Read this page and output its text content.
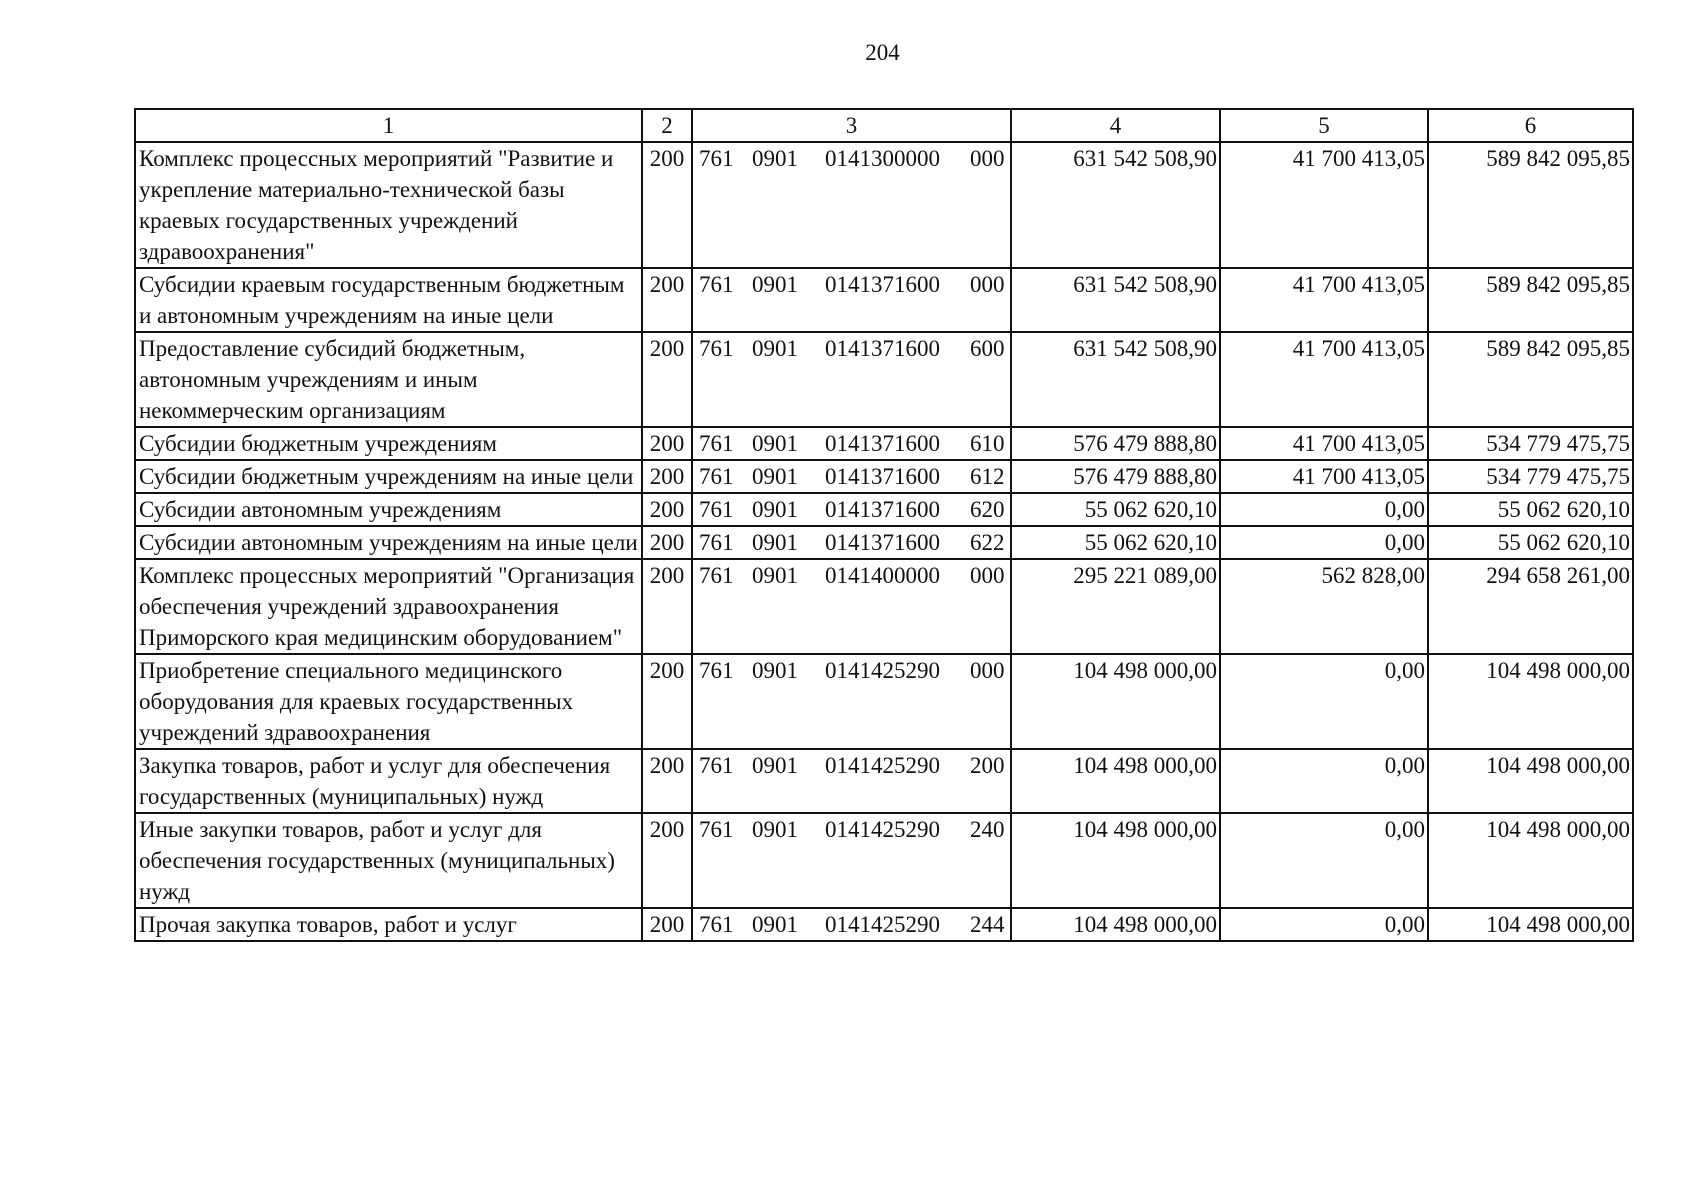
204
1	2	3	4	5	6
Комплекс процессных мероприятий "Развитие и укрепление материально-технической базы краевых государственных учреждений здравоохранения"	200	761 0901 0141300000 000	631 542 508,90	41 700 413,05	589 842 095,85
Субсидии краевым государственным бюджетным и автономным учреждениям на иные цели	200	761 0901 0141371600 000	631 542 508,90	41 700 413,05	589 842 095,85
Предоставление субсидий бюджетным, автономным учреждениям и иным некоммерческим организациям	200	761 0901 0141371600 600	631 542 508,90	41 700 413,05	589 842 095,85
Субсидии бюджетным учреждениям	200	761 0901 0141371600 610	576 479 888,80	41 700 413,05	534 779 475,75
Субсидии бюджетным учреждениям на иные цели	200	761 0901 0141371600 612	576 479 888,80	41 700 413,05	534 779 475,75
Субсидии автономным учреждениям	200	761 0901 0141371600 620	55 062 620,10	0,00	55 062 620,10
Субсидии автономным учреждениям на иные цели	200	761 0901 0141371600 622	55 062 620,10	0,00	55 062 620,10
Комплекс процессных мероприятий "Организация обеспечения учреждений здравоохранения Приморского края медицинским оборудованием"	200	761 0901 0141400000 000	295 221 089,00	562 828,00	294 658 261,00
Приобретение специального медицинского оборудования для краевых государственных учреждений здравоохранения	200	761 0901 0141425290 000	104 498 000,00	0,00	104 498 000,00
Закупка товаров, работ и услуг для обеспечения государственных (муниципальных) нужд	200	761 0901 0141425290 200	104 498 000,00	0,00	104 498 000,00
Иные закупки товаров, работ и услуг для обеспечения государственных (муниципальных) нужд	200	761 0901 0141425290 240	104 498 000,00	0,00	104 498 000,00
Прочая закупка товаров, работ и услуг	200	761 0901 0141425290 244	104 498 000,00	0,00	104 498 000,00
